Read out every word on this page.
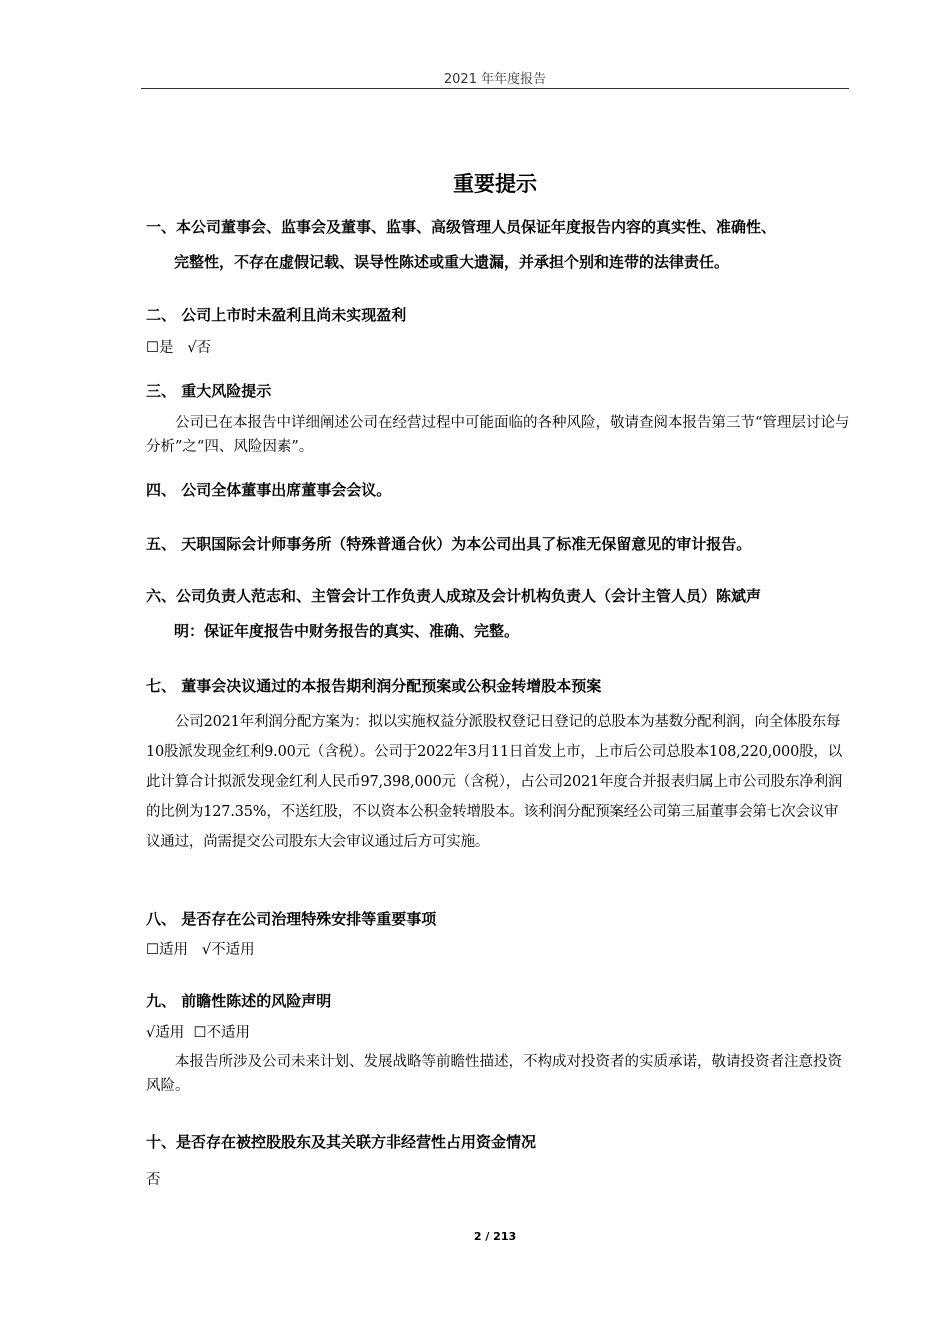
2021 年年度报告
重要提示
一、本公司董事会、监事会及董事、监事、高级管理人员保证年度报告内容的真实性、准确性、
完整性，不存在虚假记载、误导性陈述或重大遗漏，并承担个别和连带的法律责任。
二、 公司上市时未盈利且尚未实现盈利
☐是 √否
三、 重大风险提示
公司已在本报告中详细阐述公司在经营过程中可能面临的各种风险，敬请查阅本报告第三节“管理层讨论与分析”之“四、风险因素”。
四、 公司全体董事出席董事会会议。
五、 天职国际会计师事务所（特殊普通合伙）为本公司出具了标准无保留意见的审计报告。
六、公司负责人范志和、主管会计工作负责人成琼及会计机构负责人（会计主管人员）陈斌声
明：保证年度报告中财务报告的真实、准确、完整。
七、 董事会决议通过的本报告期利润分配预案或公积金转增股本预案
公司2021年利润分配方案为：拟以实施权益分派股权登记日登记的总股本为基数分配利润，向全体股东每10股派发现金红利9.00元（含税）。公司于2022年3月11日首发上市，上市后公司总股本108,220,000股，以此计算合计拟派发现金红利人民币97,398,000元（含税），占公司2021年度合并报表归属上市公司股东净利润的比例为127.35%，不送红股，不以资本公积金转增股本。该利润分配预案经公司第三届董事会第七次会议审议通过，尚需提交公司股东大会审议通过后方可实施。
八、 是否存在公司治理特殊安排等重要事项
☐适用 √不适用
九、 前瞻性陈述的风险声明
√适用 ☐不适用
本报告所涉及公司未来计划、发展战略等前瞻性描述，不构成对投资者的实质承诺，敬请投资者注意投资风险。
十、是否存在被控股股东及其关联方非经营性占用资金情况
否
2 / 213
